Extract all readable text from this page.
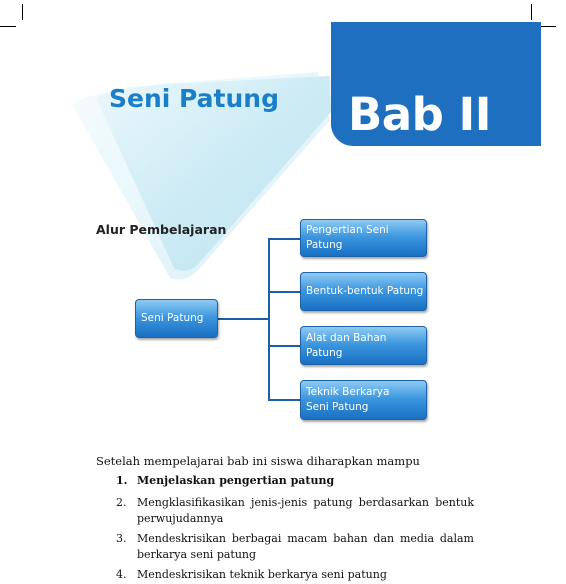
Bab II
Seni Patung
Alur Pembelajaran
Seni Patung
Pengertian Seni Patung
Bentuk-bentuk Patung
Alat dan Bahan Patung
Teknik Berkarya
Seni Patung
Setelah mempelajarai bab ini siswa diharapkan mampu
1. Menjelaskan pengertian patung
2. Mengklasifikasikan jenis-jenis patung berdasarkan bentuk perwujudannya
3. Mendeskrisikan berbagai macam bahan dan media dalam berkarya seni patung
4. Mendeskrisikan teknik berkarya seni patung
